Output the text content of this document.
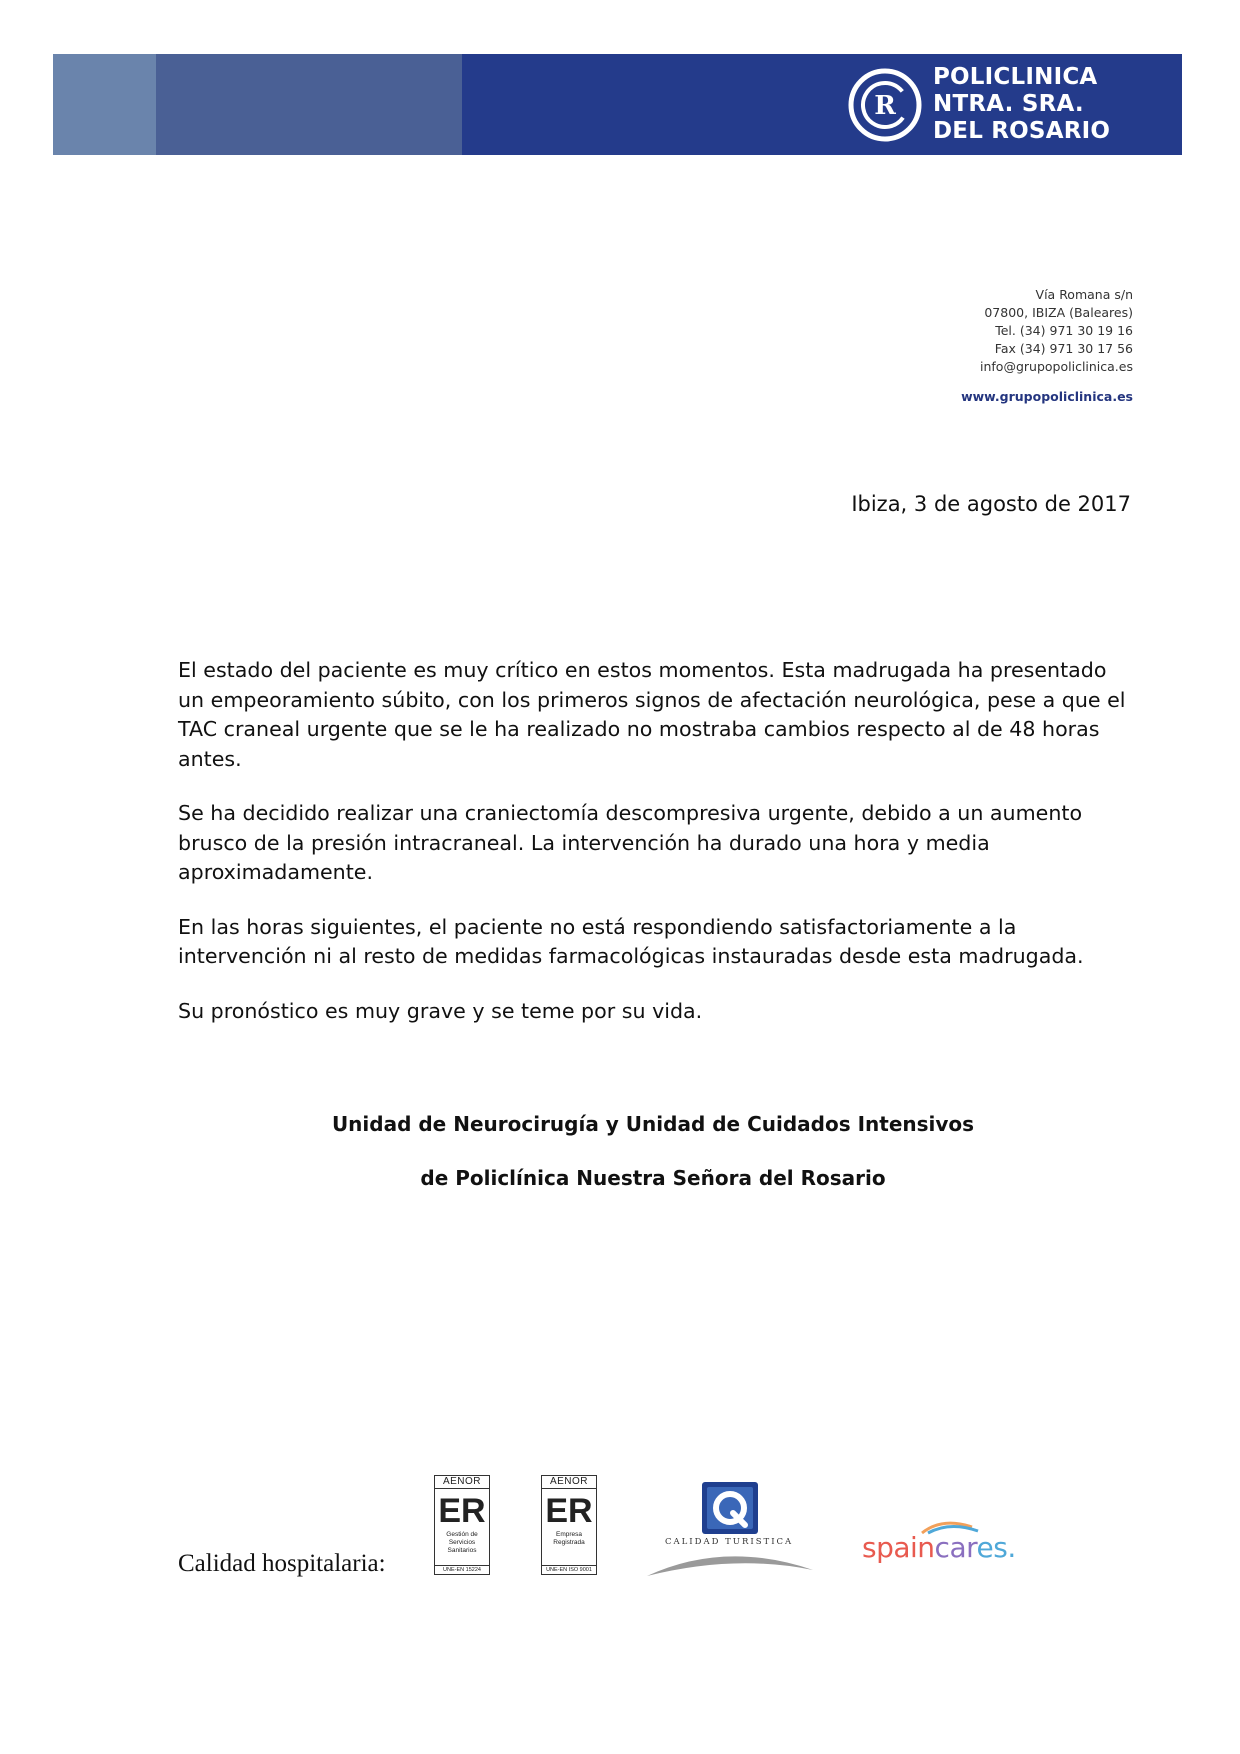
R
POLICLINICA
NTRA. SRA.
DEL ROSARIO
Vía Romana s/n
07800, IBIZA (Baleares)
Tel. (34) 971 30 19 16
Fax (34) 971 30 17 56
info@grupopoliclinica.es
www.grupopoliclinica.es
Ibiza, 3 de agosto de 2017

El estado del paciente es muy crítico en estos momentos. Esta madrugada ha presentado un empeoramiento súbito, con los primeros signos de afectación neurológica, pese a que el TAC craneal urgente que se le ha realizado no mostraba cambios respecto al de 48 horas antes.

Se ha decidido realizar una craniectomía descompresiva urgente, debido a un aumento brusco de la presión intracraneal. La intervención ha durado una hora y media aproximadamente.

En las horas siguientes, el paciente no está respondiendo satisfactoriamente a la intervención ni al resto de medidas farmacológicas instauradas desde esta madrugada.

Su pronóstico es muy grave y se teme por su vida.

Unidad de Neurocirugía y Unidad de Cuidados Intensivos
de Policlínica Nuestra Señora del Rosario
Calidad hospitalaria:
AENOR
ER
Gestión de Servicios Sanitarios
UNE-EN 15224
AENOR
ER
Empresa Registrada
UNE-EN ISO 9001
CALIDAD TURISTICA spaincares.
